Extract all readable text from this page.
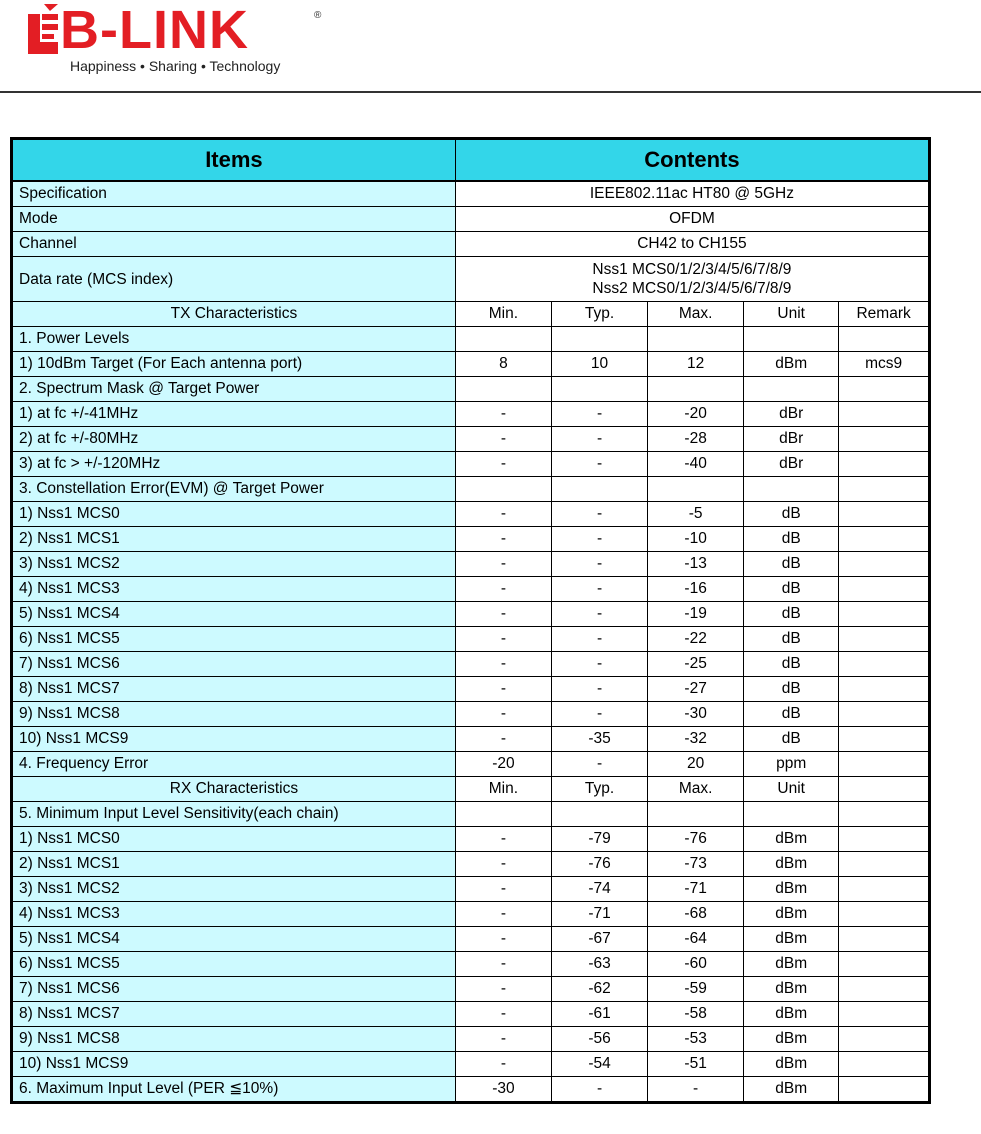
B-LINK	®
Happiness • Sharing • Technology
Items	Contents				
Specification	IEEE802.11ac HT80 @ 5GHz				
Mode	OFDM				
Channel	CH42 to CH155				
Data rate (MCS index)	Nss1 MCS0/1/2/3/4/5/6/7/8/9
Nss2 MCS0/1/2/3/4/5/6/7/8/9				

TX Characteristics	Min.	Typ.	Max.	Unit	Remark
1. Power Levels					
1) 10dBm Target (For Each antenna port)	8	10	12	dBm	mcs9
2. Spectrum Mask @ Target Power					
1) at fc +/-41MHz	-	-	-20	dBr	
2) at fc +/-80MHz	-	-	-28	dBr	
3) at fc > +/-120MHz	-	-	-40	dBr	
3. Constellation Error(EVM) @ Target Power					
1) Nss1 MCS0	-	-	-5	dB	
2) Nss1 MCS1	-	-	-10	dB	
3) Nss1 MCS2	-	-	-13	dB	
4) Nss1 MCS3	-	-	-16	dB	
5) Nss1 MCS4	-	-	-19	dB	
6) Nss1 MCS5	-	-	-22	dB	
7) Nss1 MCS6	-	-	-25	dB	
8) Nss1 MCS7	-	-	-27	dB	
9) Nss1 MCS8	-	-	-30	dB	
10) Nss1 MCS9	-	-35	-32	dB	
4. Frequency Error	-20	-	20	ppm	
RX Characteristics	Min.	Typ.	Max.	Unit	
5. Minimum Input Level Sensitivity(each chain)					
1) Nss1 MCS0	-	-79	-76	dBm	
2) Nss1 MCS1	-	-76	-73	dBm	
3) Nss1 MCS2	-	-74	-71	dBm	
4) Nss1 MCS3	-	-71	-68	dBm	
5) Nss1 MCS4	-	-67	-64	dBm	
6) Nss1 MCS5	-	-63	-60	dBm	
7) Nss1 MCS6	-	-62	-59	dBm	
8) Nss1 MCS7	-	-61	-58	dBm	
9) Nss1 MCS8	-	-56	-53	dBm	
10) Nss1 MCS9	-	-54	-51	dBm	
6. Maximum Input Level (PER ≦10%)	-30	-	-	dBm	
